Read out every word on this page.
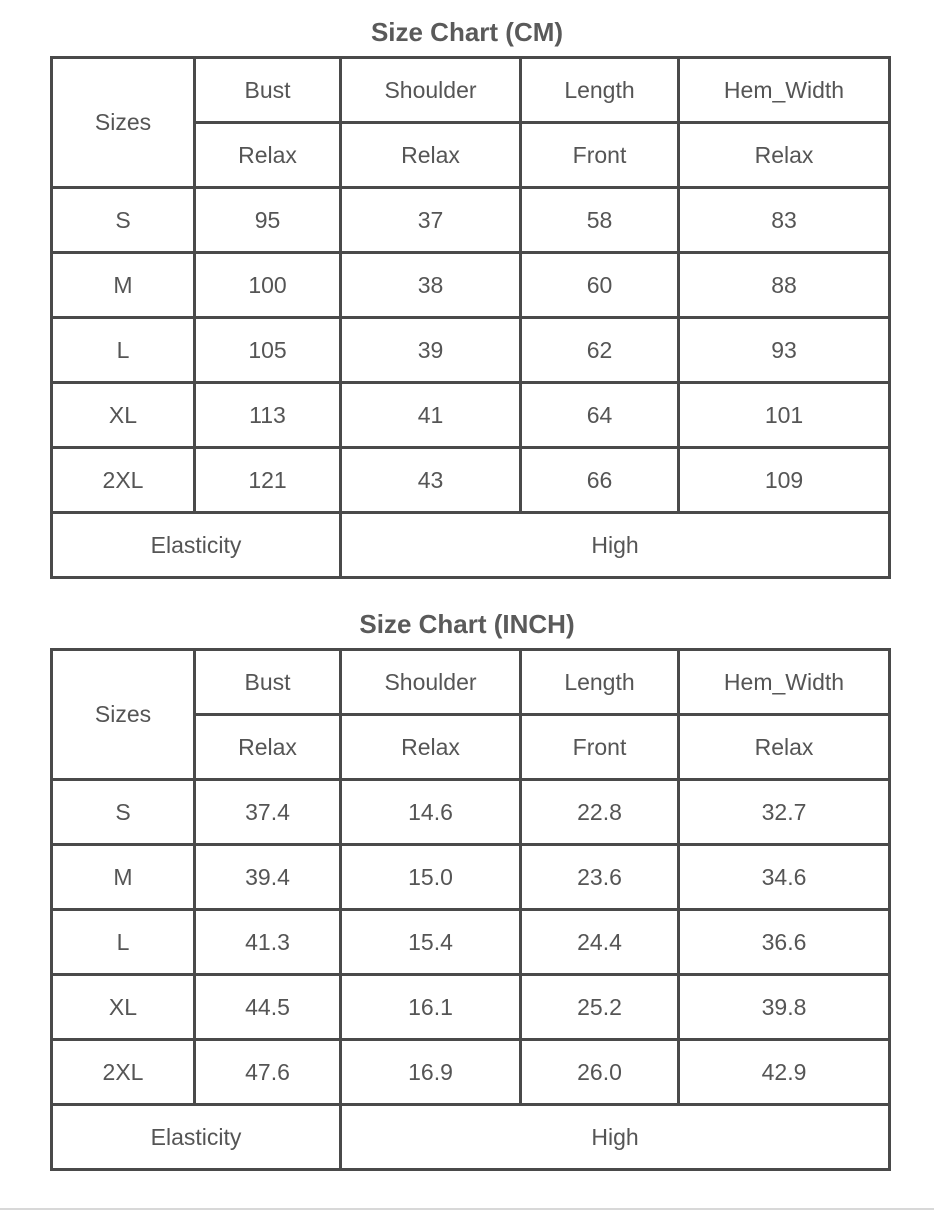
Size Chart (CM)
Sizes	Bust	Shoulder	Length	Hem_Width
	Relax	Relax	Front	Relax
S	95	37	58	83
M	100	38	60	88
L	105	39	62	93
XL	113	41	64	101
2XL	121	43	66	109
Elasticity		High		
Size Chart (INCH)
Sizes	Bust	Shoulder	Length	Hem_Width
	Relax	Relax	Front	Relax
S	37.4	14.6	22.8	32.7
M	39.4	15.0	23.6	34.6
L	41.3	15.4	24.4	36.6
XL	44.5	16.1	25.2	39.8
2XL	47.6	16.9	26.0	42.9
Elasticity		High		
